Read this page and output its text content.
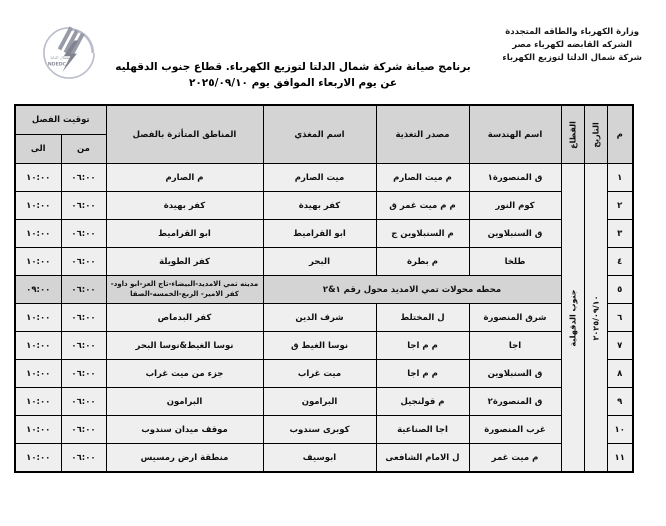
شمال الدلتا
NDEDC
وزارة الكهرباء والطاقه المتجددة
الشركه القابضه لكهرباء مصر
شركة شمال الدلتا لتوزيع الكهرباء
برنامج صيانة شركة شمال الدلتا لتوزيع الكهرباء. قطاع جنوب الدقهليه
عن يوم الاربعاء الموافق يوم ٢٠٢٥/٠٩/١٠
م	التاريخ	القطاع	اسم الهندسة	مصدر التغذية	اسم المغذي	المناطق المتأثرة بالفصل	توقيت الفصل	
							من	الى
١	٢٠٢٥/٠٩/١٠	جنوب الدقهلية	ق المنصورة١	م ميت الصارم	ميت الصارم	م الصارم	٠٦:٠٠	١٠:٠٠
٢			كوم النور	م م ميت غمر ق	كفر بهيدة	كفر بهيدة	٠٦:٠٠	١٠:٠٠
٣			ق السنبلاوين	م السنبلاوين ج	ابو القراميط	ابو القراميط	٠٦:٠٠	١٠:٠٠
٤			طلخا	م بطرة	البحر	كفر الطويلة	٠٦:٠٠	١٠:٠٠
٥			محطه محولات تمي الامديد محول رقم ١&٢			مدينه تمي الامديد-البيضاء-تاج العز-ابو داود-كفر الامير- الربع-الخمسه-الصفا	٠٦:٠٠	٠٩:٠٠
٦			شرق المنصورة	ل المختلط	شرف الدين	كفر البدماص	٠٦:٠٠	١٠:٠٠
٧			اجا	م م اجا	نوسا الغيط ق	نوسا الغيط&نوسا البحر	٠٦:٠٠	١٠:٠٠
٨			ق السنبلاوين	م م اجا	ميت غراب	جزء من ميت غراب	٠٦:٠٠	١٠:٠٠
٩			ق المنصورة٢	م قولنجيل	البرامون	البرامون	٠٦:٠٠	١٠:٠٠
١٠			غرب المنصورة	اجا الصناعية	كوبرى سندوب	موقف ميدان سندوب	٠٦:٠٠	١٠:٠٠
١١			م ميت غمر	ل الامام الشافعى	ابوسيف	منطقة ارض رمسيس	٠٦:٠٠	١٠:٠٠
